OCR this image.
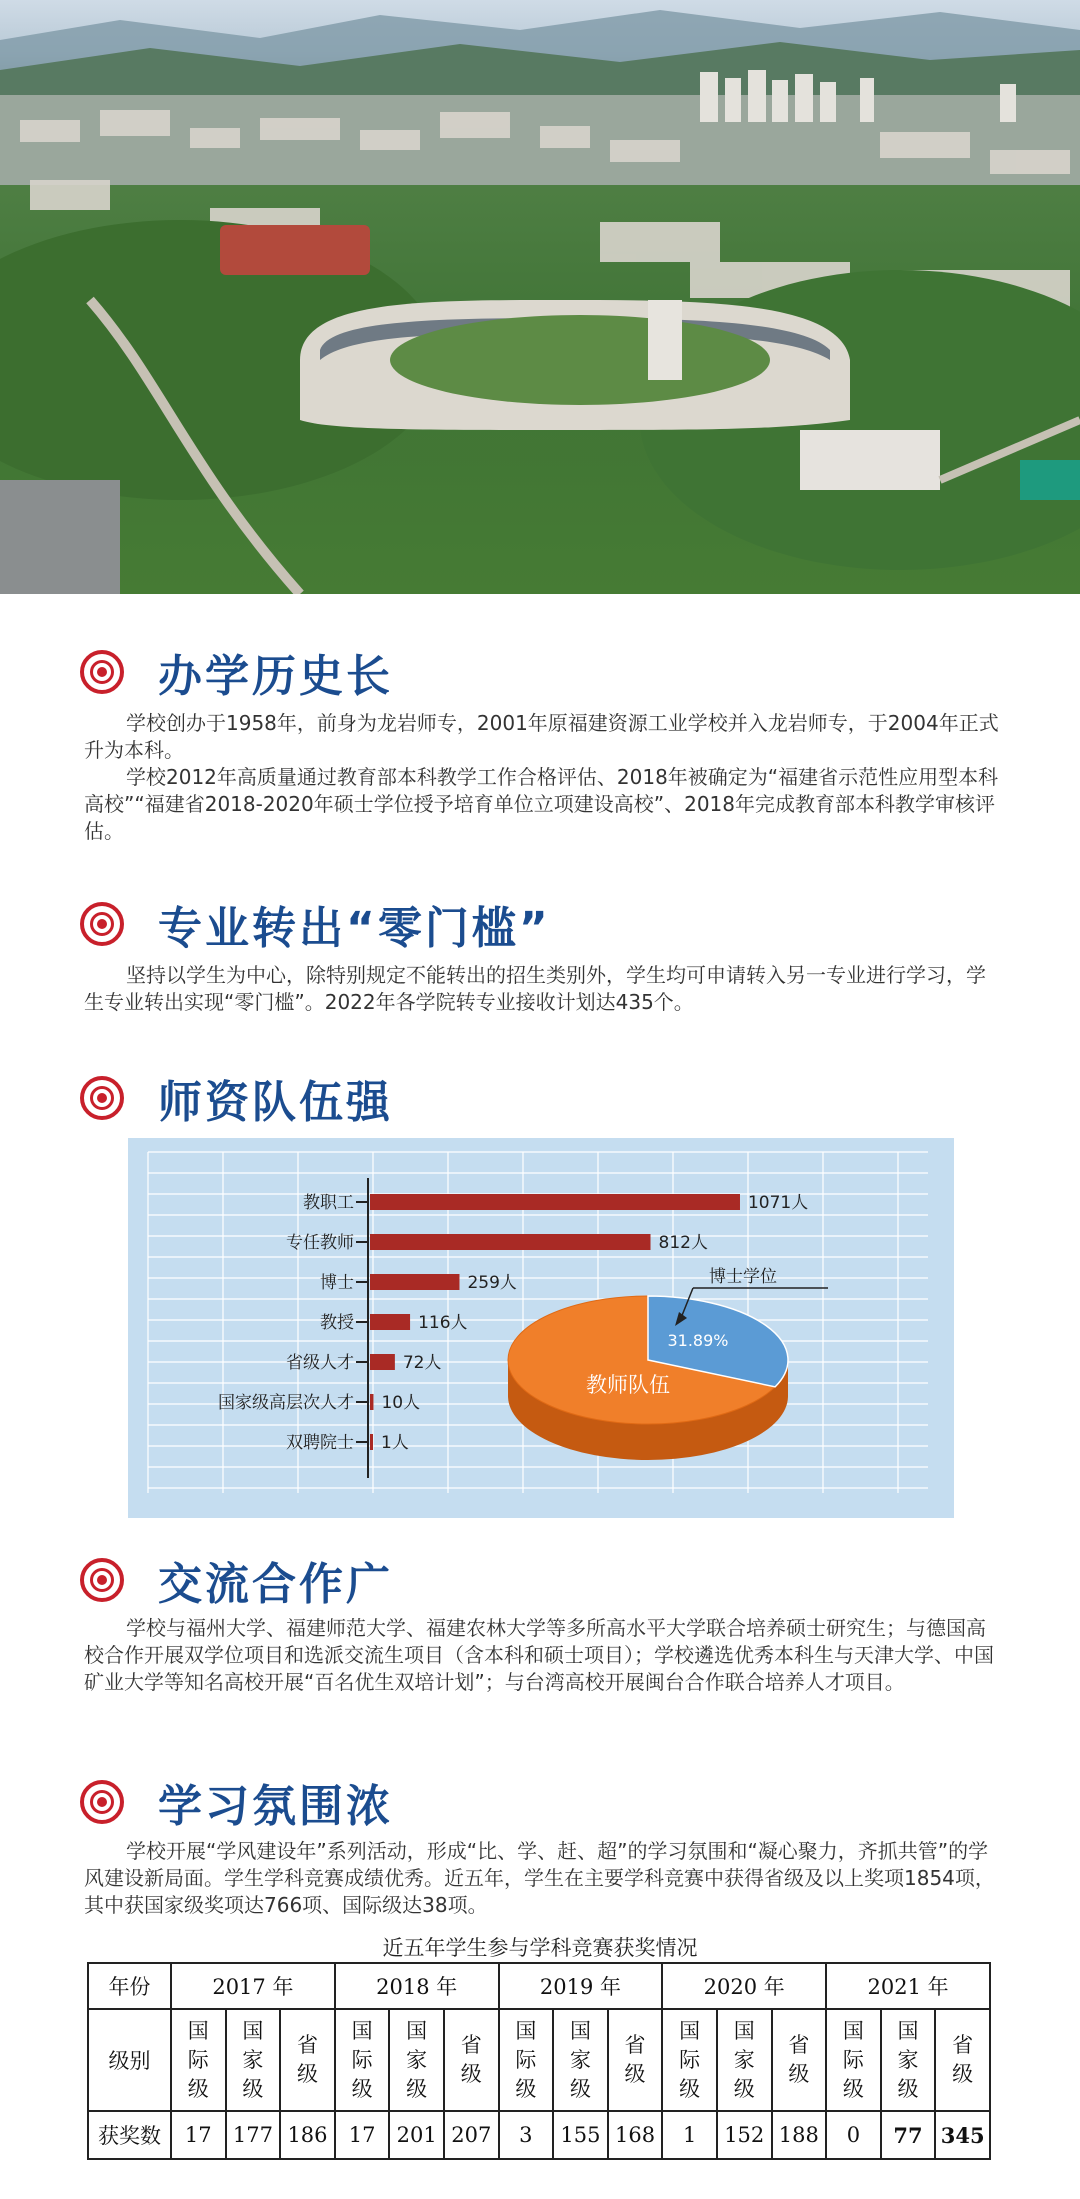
办学历史长

学校创办于1958年，前身为龙岩师专，2001年原福建资源工业学校并入龙岩师专，于2004年正式升为本科。

学校2012年高质量通过教育部本科教学工作合格评估、2018年被确定为“福建省示范性应用型本科高校”“福建省2018-2020年硕士学位授予培育单位立项建设高校”、2018年完成教育部本科教学审核评估。

专业转出“零门槛”

坚持以学生为中心，除特别规定不能转出的招生类别外，学生均可申请转入另一专业进行学习，学生专业转出实现“零门槛”。2022年各学院转专业接收计划达435个。

师资队伍强
教职工	1071人
专任教师	812人
博士	259人
教授	116人
省级人才	72人
国家级高层次人才 10人
双聘院士 1人
31.89%
教师队伍
博士学位
交流合作广

学校与福州大学、福建师范大学、福建农林大学等多所高水平大学联合培养硕士研究生；与德国高校合作开展双学位项目和选派交流生项目（含本科和硕士项目）；学校遴选优秀本科生与天津大学、中国矿业大学等知名高校开展“百名优生双培计划”；与台湾高校开展闽台合作联合培养人才项目。

学习氛围浓

学校开展“学风建设年”系列活动，形成“比、学、赶、超”的学习氛围和“凝心聚力，齐抓共管”的学风建设新局面。学生学科竞赛成绩优秀。近五年，学生在主要学科竞赛中获得省级及以上奖项1854项，其中获国家级奖项达766项、国际级达38项。

近五年学生参与学科竞赛获奖情况
年份	2017 年			2018 年			2019 年			2020 年			2021 年		
级别	国际级	国家级	省级	国际级	国家级	省级	国际级	国家级	省级	国际级	国家级	省级	国际级	国家级	省级
获奖数	17	177	186	17	201	207	3	155	168	1	152	188	0	77	345
